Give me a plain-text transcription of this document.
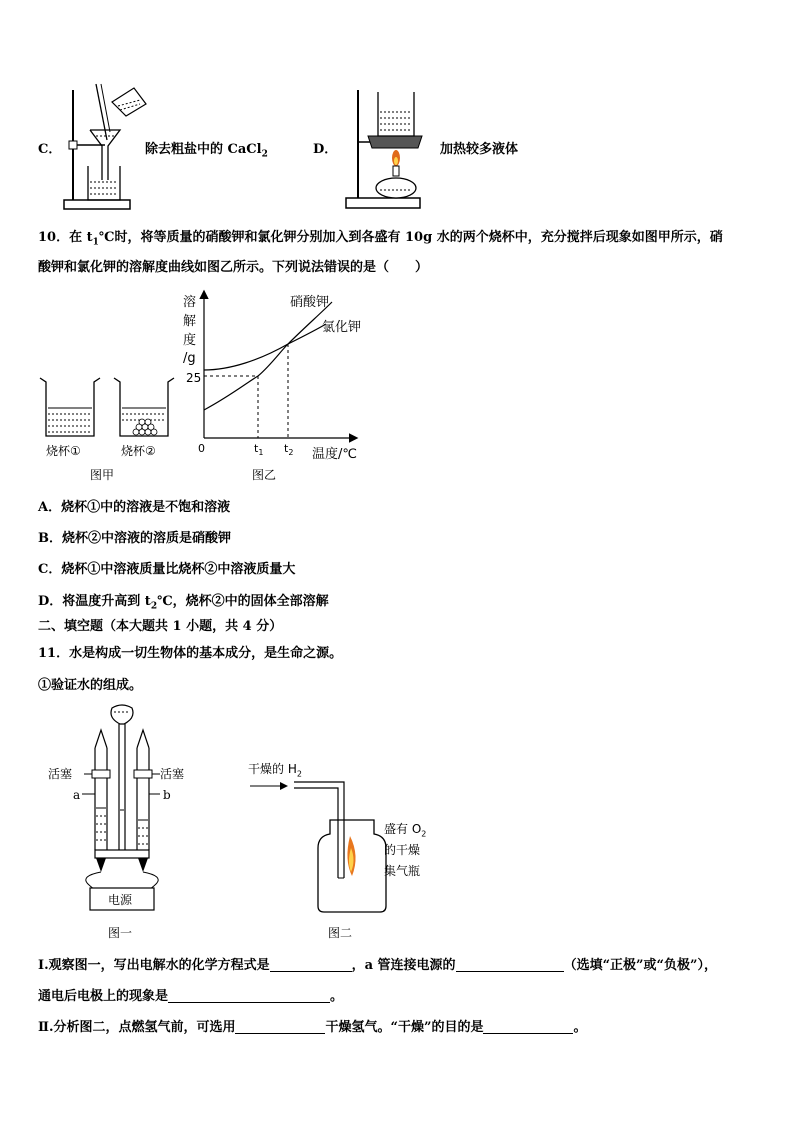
C．	除去粗盐中的 CaCl$_2$	D．	加热较多液体
10．在 $t_1℃$时，将等质量的硝酸钾和氯化钾分别加入到各盛有 10g 水的两个烧杯中，充分搅拌后现象如图甲所示，硝
酸钾和氯化钾的溶解度曲线如图乙所示。下列说法错误的是（　　）
烧杯①	烧杯②
图甲
溶
解
度
/g
25
硝酸钾
氯化钾
0	$t_1$ $t_2$ 温度/℃
图乙
A．烧杯①中的溶液是不饱和溶液
B．烧杯②中溶液的溶质是硝酸钾
C．烧杯①中溶液质量比烧杯②中溶液质量大
D．将温度升高到 $t_2℃$，烧杯②中的固体全部溶解
二、填空题（本大题共 1 小题，共 4 分）
11．水是构成一切生物体的基本成分，是生命之源。
①验证水的组成。
活塞	活塞
a	b
电源
图一
干燥的 $H_2$
盛有 $O_2$
的干燥
集气瓶
图二
Ⅰ.观察图一，写出电解水的化学方程式是	，a 管连接电源的	（选填“正极”或“负极”），
通电后电极上的现象是	。
Ⅱ.分析图二，点燃氢气前，可选用	干燥氢气。“干燥”的目的是	。
